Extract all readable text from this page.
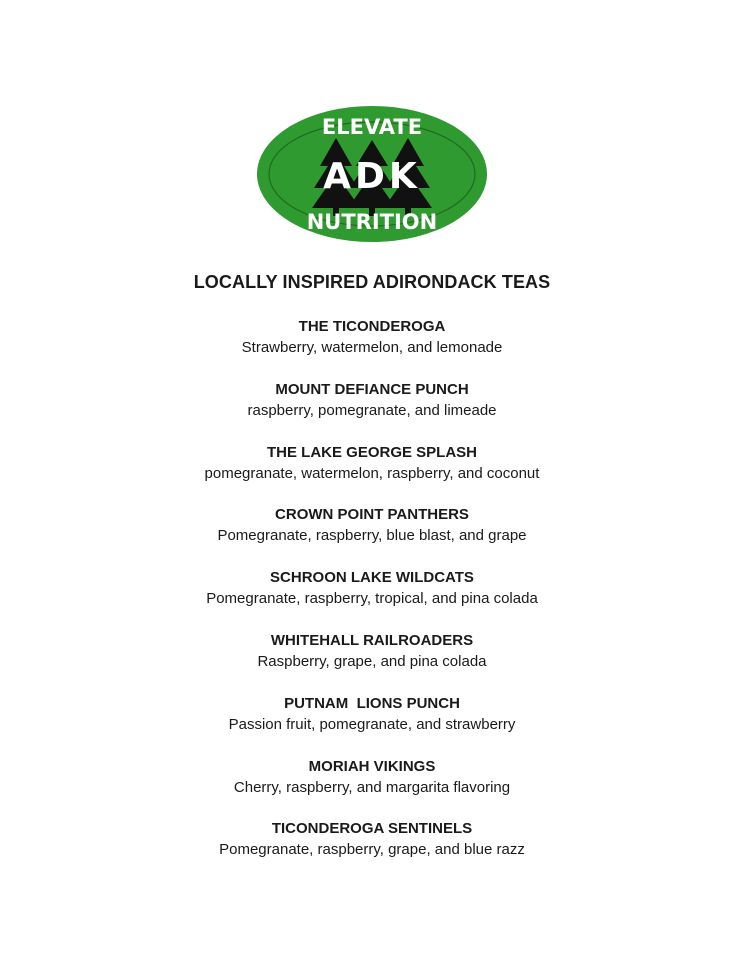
ELEVATE
ADK
NUTRITION
LOCALLY INSPIRED ADIRONDACK TEAS
THE TICONDEROGA
Strawberry, watermelon, and lemonade
MOUNT DEFIANCE PUNCH
raspberry, pomegranate, and limeade
THE LAKE GEORGE SPLASH
pomegranate, watermelon, raspberry, and coconut
CROWN POINT PANTHERS
Pomegranate, raspberry, blue blast, and grape
SCHROON LAKE WILDCATS
Pomegranate, raspberry, tropical, and pina colada
WHITEHALL RAILROADERS
Raspberry, grape, and pina colada
PUTNAM  LIONS PUNCH
Passion fruit, pomegranate, and strawberry
MORIAH VIKINGS
Cherry, raspberry, and margarita flavoring
TICONDEROGA SENTINELS
Pomegranate, raspberry, grape, and blue razz
